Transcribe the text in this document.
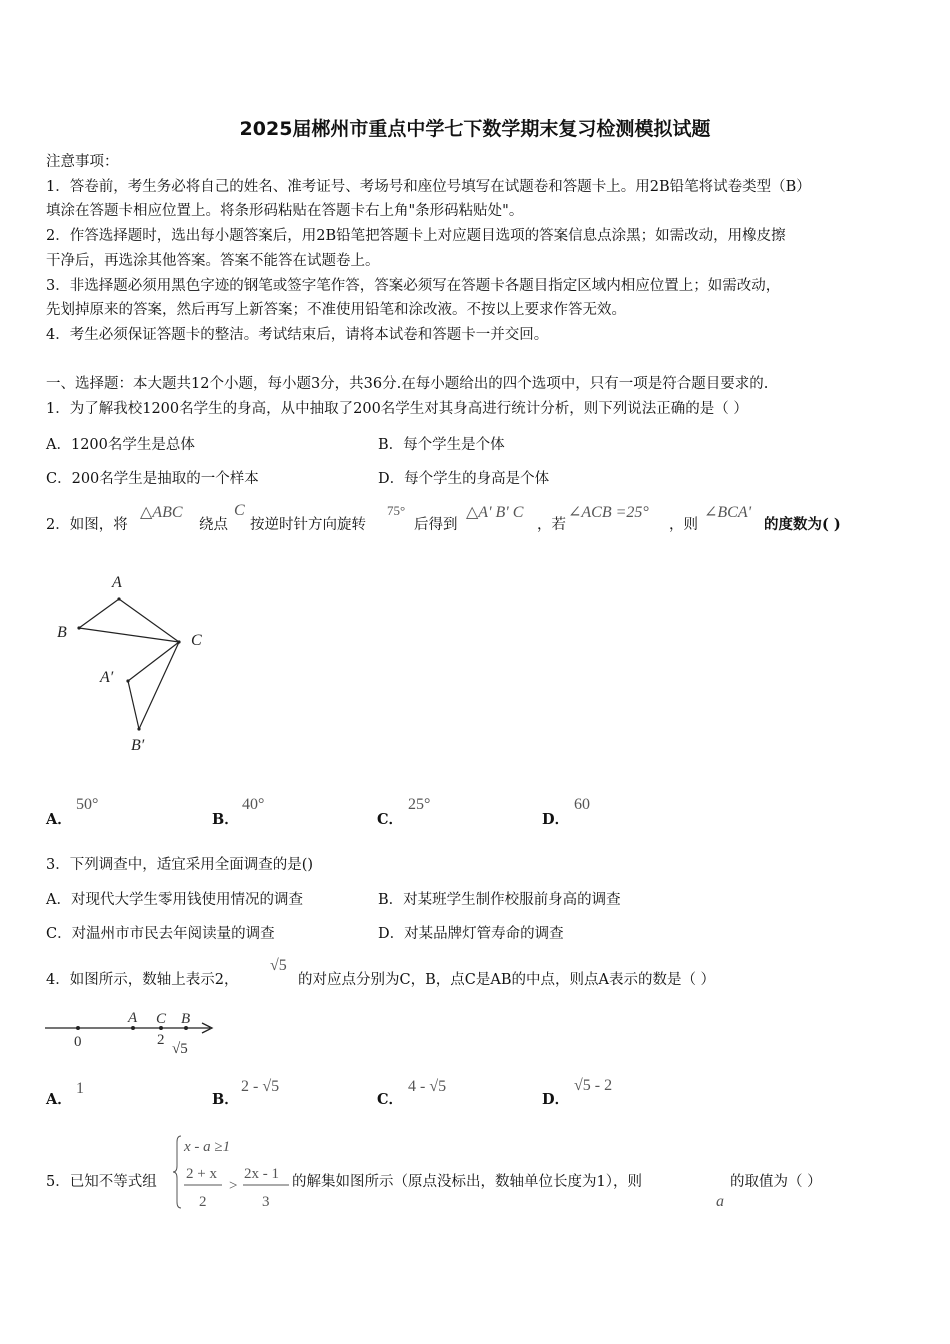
2025届郴州市重点中学七下数学期末复习检测模拟试题
注意事项：
1．答卷前，考生务必将自己的姓名、准考证号、考场号和座位号填写在试题卷和答题卡上。用2B铅笔将试卷类型（B）
填涂在答题卡相应位置上。将条形码粘贴在答题卡右上角"条形码粘贴处"。
2．作答选择题时，选出每小题答案后，用2B铅笔把答题卡上对应题目选项的答案信息点涂黑；如需改动，用橡皮擦
干净后，再选涂其他答案。答案不能答在试题卷上。
3．非选择题必须用黑色字迹的钢笔或签字笔作答，答案必须写在答题卡各题目指定区域内相应位置上；如需改动，
先划掉原来的答案，然后再写上新答案；不准使用铅笔和涂改液。不按以上要求作答无效。
4．考生必须保证答题卡的整洁。考试结束后，请将本试卷和答题卡一并交回。
一、选择题：本大题共12个小题，每小题3分，共36分.在每小题给出的四个选项中，只有一项是符合题目要求的.
1．为了解我校1200名学生的身高，从中抽取了200名学生对其身高进行统计分析，则下列说法正确的是（ ）
A．1200名学生是总体	B．每个学生是个体
C．200名学生是抽取的一个样本	D．每个学生的身高是个体
2．如图，将
△ABC
绕点
C
按逆时针方向旋转
75°
后得到
△A' B' C
，若
∠ACB =25°
，则
∠BCA'
的度数为( )
A
B	C
A′
B′
A．
50°
B．
40°
C．
25°
D．
60
3．下列调查中，适宜采用全面调查的是()
A．对现代大学生零用钱使用情况的调查	B．对某班学生制作校服前身高的调查
C．对温州市市民去年阅读量的调查	D．对某品牌灯管寿命的调查
4．如图所示，数轴上表示2，
√5
的对应点分别为C，B，点C是AB的中点，则点A表示的数是（ ）
0	2
√5
A C B
A．
1
B．
2 - √5
C．
4 - √5
D．
√5 - 2
5．已知不等式组
x - a ≥1
2 + x
2
>
2x - 1
3
的解集如图所示（原点没标出，数轴单位长度为1），则
a
的取值为（ ）
